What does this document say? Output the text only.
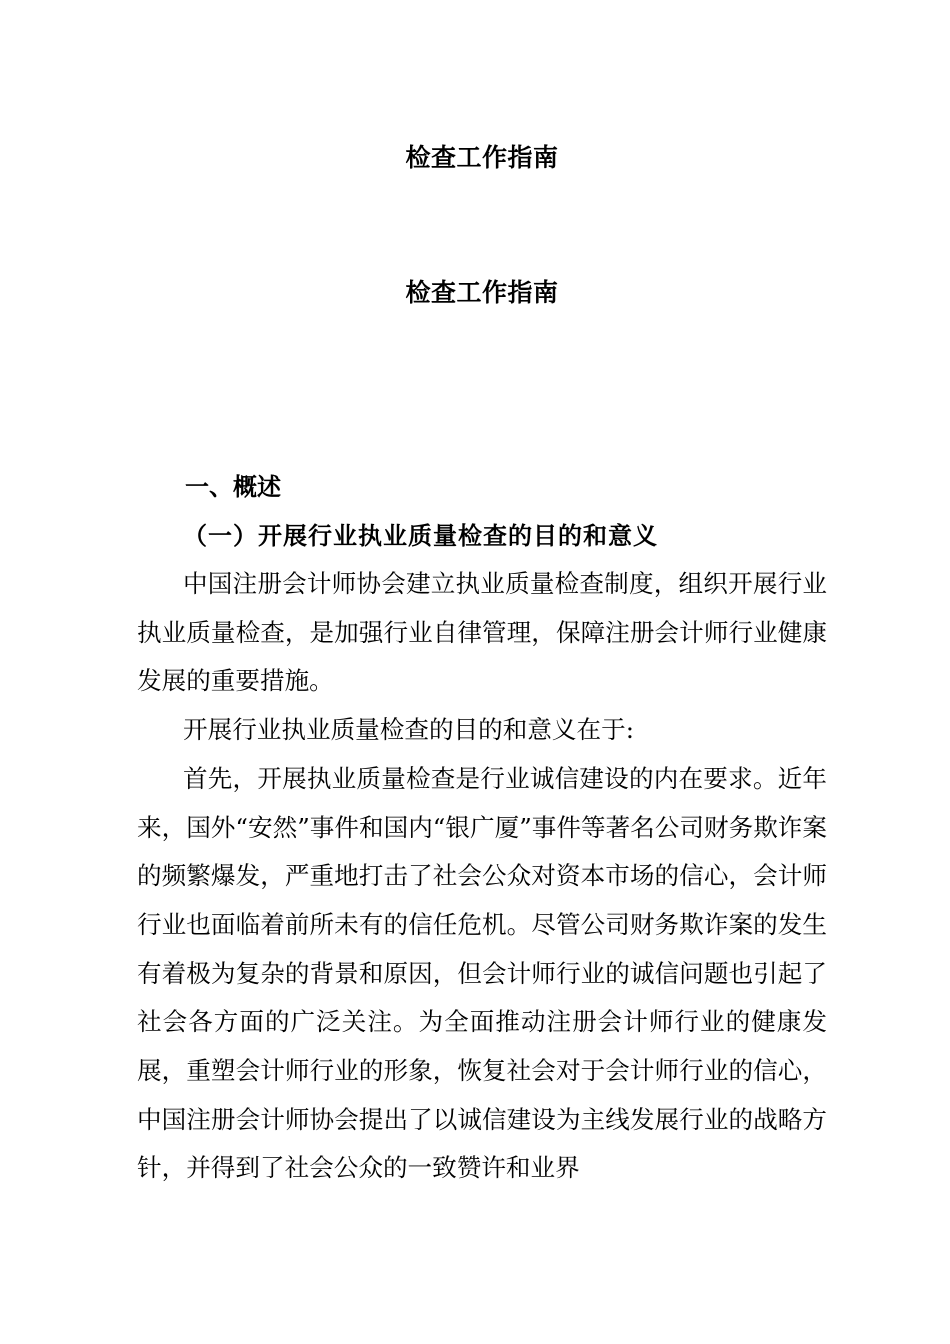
检查工作指南
检查工作指南
一、概述
（一）开展行业执业质量检查的目的和意义

中国注册会计师协会建立执业质量检查制度，组织开展行业执业质量检查，是加强行业自律管理，保障注册会计师行业健康发展的重要措施。

开展行业执业质量检查的目的和意义在于:

首先，开展执业质量检查是行业诚信建设的内在要求。近年来，国外“安然”事件和国内“银广厦”事件等著名公司财务欺诈案的频繁爆发，严重地打击了社会公众对资本市场的信心，会计师行业也面临着前所未有的信任危机。尽管公司财务欺诈案的发生有着极为复杂的背景和原因，但会计师行业的诚信问题也引起了社会各方面的广泛关注。为全面推动注册会计师行业的健康发展，重塑会计师行业的形象，恢复社会对于会计师行业的信心，中国注册会计师协会提出了以诚信建设为主线发展行业的战略方针，并得到了社会公众的一致赞许和业界
